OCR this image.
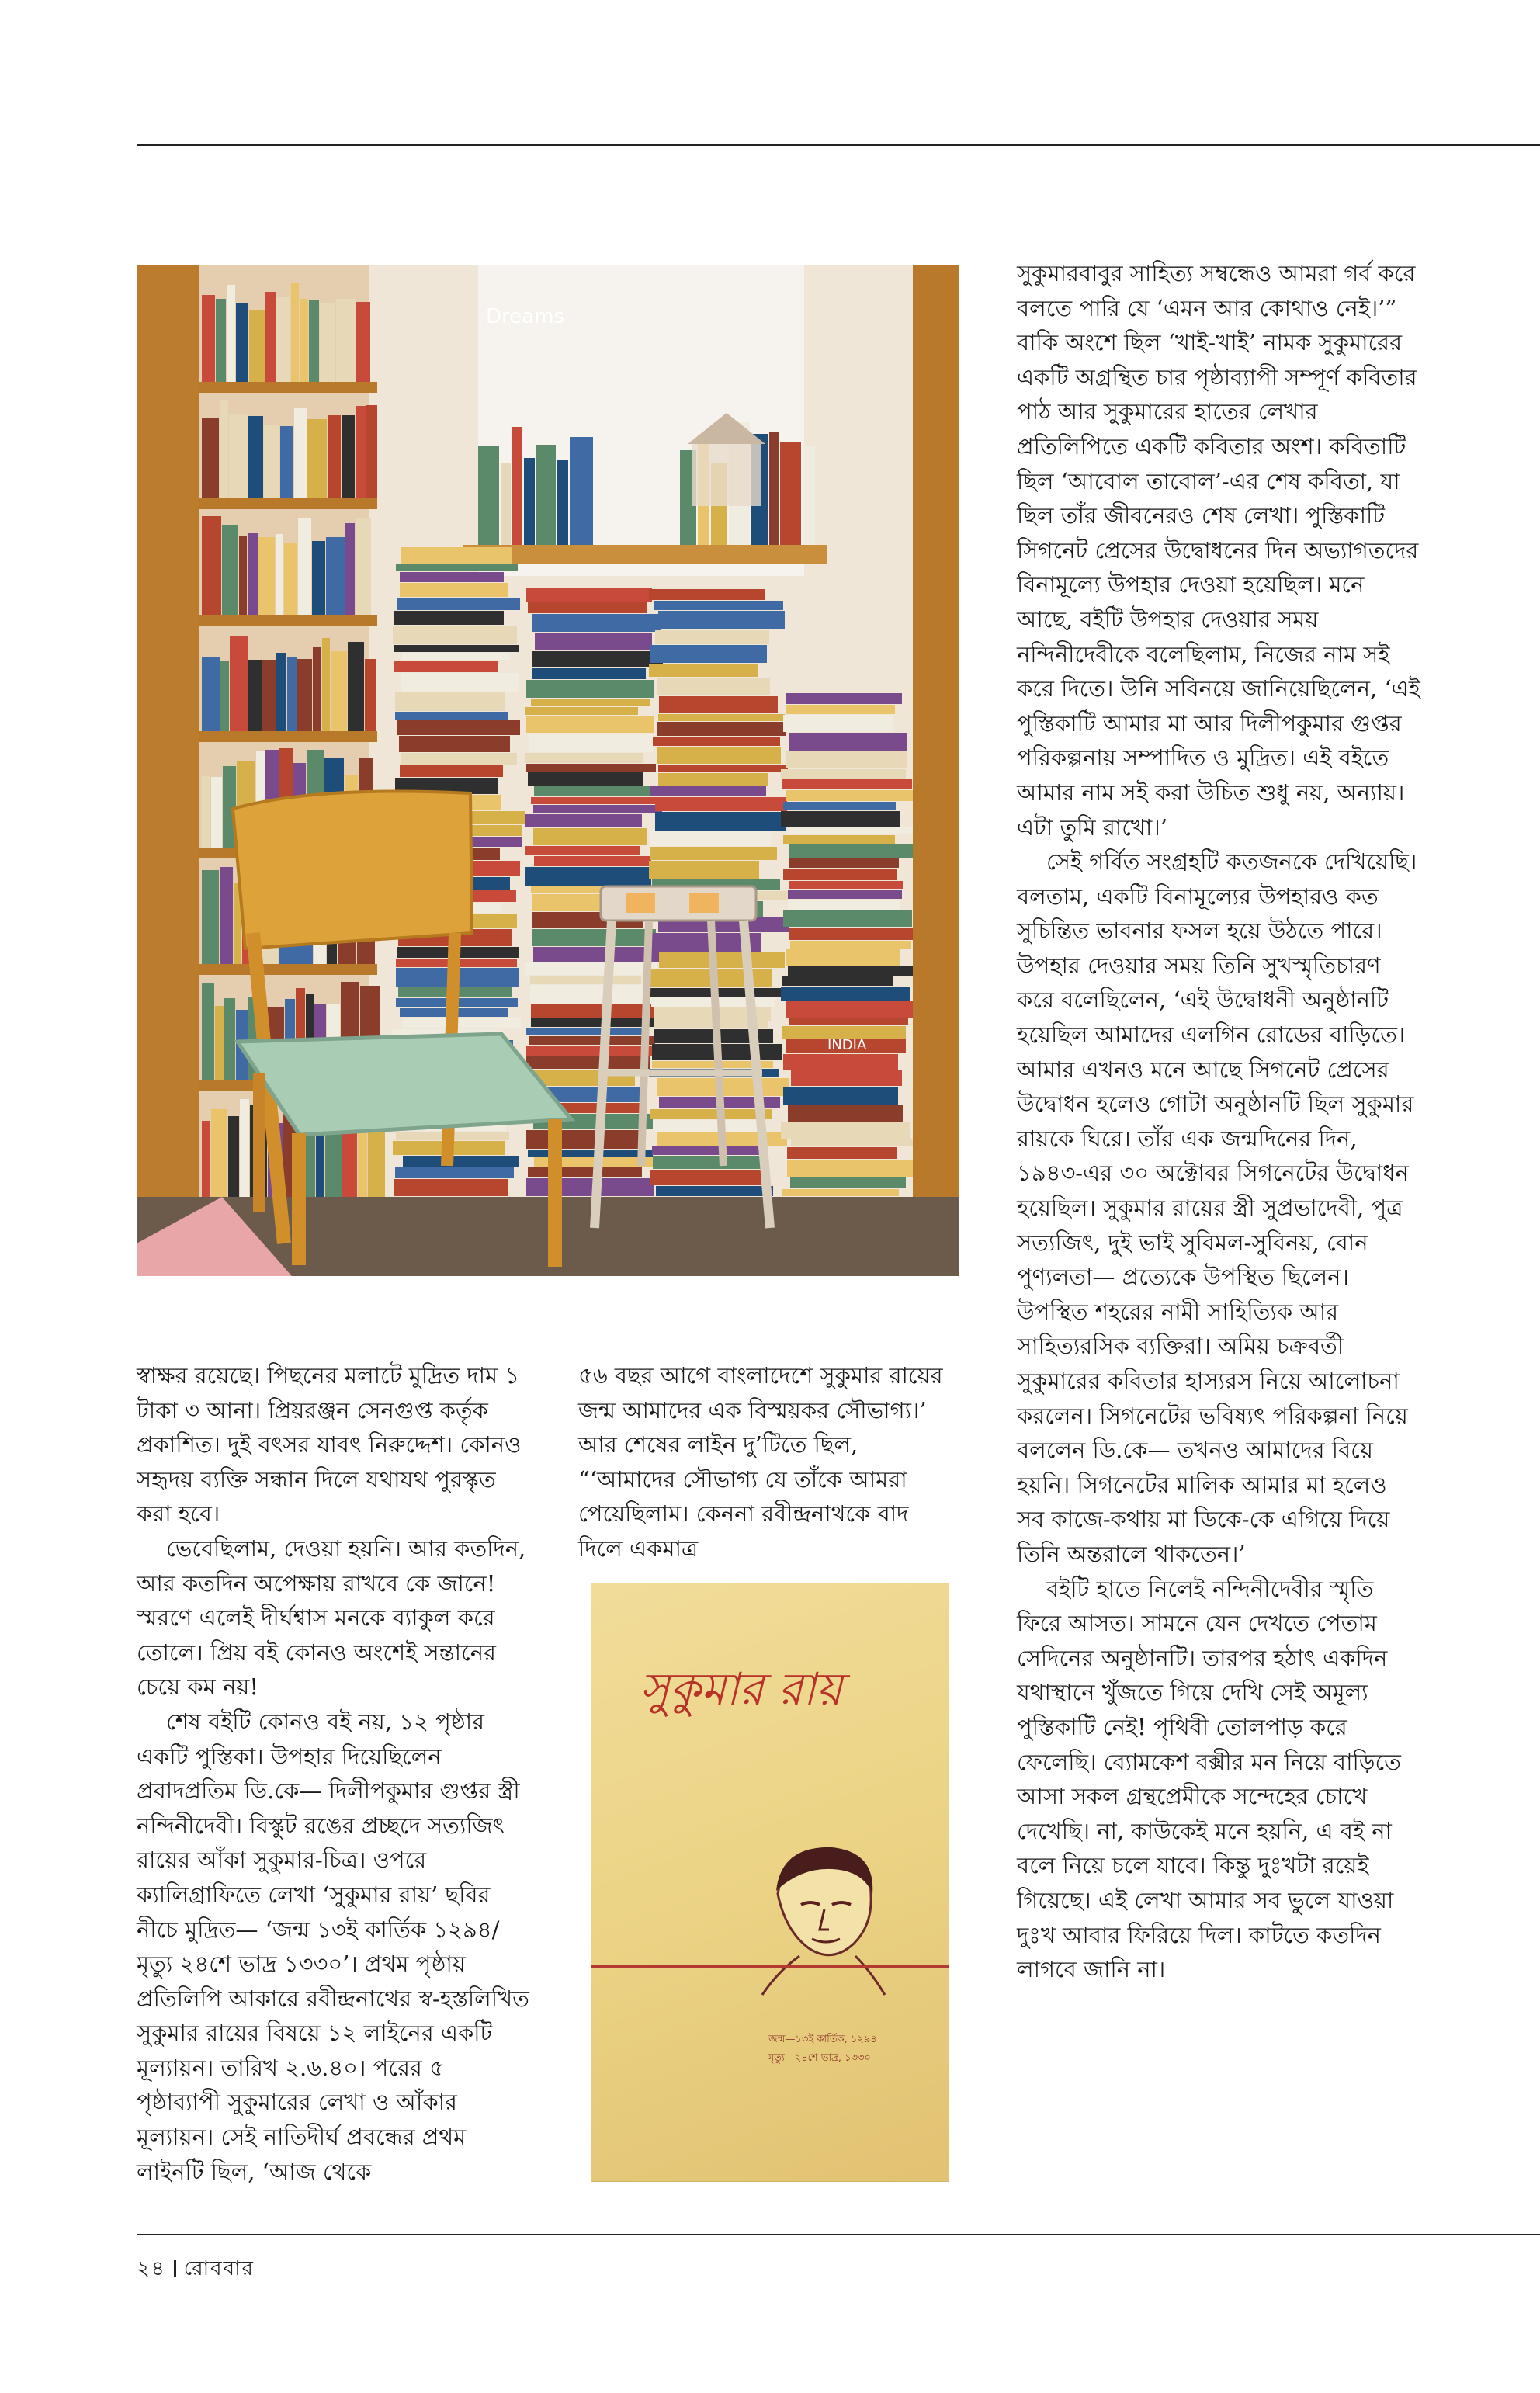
Dreams
INDIA
THE SILENT CRY

সুকুমারবাবুর সাহিত্য সম্বন্ধেও আমরা গর্ব করে বলতে পারি যে ‘এমন আর কোথাও নেই।’” বাকি অংশে ছিল ‘খাই-খাই’ নামক সুকুমারের একটি অগ্রন্থিত চার পৃষ্ঠাব্যাপী সম্পূর্ণ কবিতার পাঠ আর সুকুমারের হাতের লেখার প্রতিলিপিতে একটি কবিতার অংশ। কবিতাটি ছিল ‘আবোল তাবোল’-এর শেষ কবিতা, যা ছিল তাঁর জীবনেরও শেষ লেখা। পুস্তিকাটি সিগনেট প্রেসের উদ্বোধনের দিন অভ্যাগতদের বিনামূল্যে উপহার দেওয়া হয়েছিল। মনে আছে, বইটি উপহার দেওয়ার সময় নন্দিনীদেবীকে বলেছিলাম, নিজের নাম সই করে দিতে। উনি সবিনয়ে জানিয়েছিলেন, ‘এই পুস্তিকাটি আমার মা আর দিলীপকুমার গুপ্তর পরিকল্পনায় সম্পাদিত ও মুদ্রিত। এই বইতে আমার নাম সই করা উচিত শুধু নয়, অন্যায়। এটা তুমি রাখো।’

সেই গর্বিত সংগ্রহটি কতজনকে দেখিয়েছি। বলতাম, একটি বিনামূল্যের উপহারও কত সুচিন্তিত ভাবনার ফসল হয়ে উঠতে পারে। উপহার দেওয়ার সময় তিনি সুখস্মৃতিচারণ করে বলেছিলেন, ‘এই উদ্বোধনী অনুষ্ঠানটি হয়েছিল আমাদের এলগিন রোডের বাড়িতে। আমার এখনও মনে আছে সিগনেট প্রেসের উদ্বোধন হলেও গোটা অনুষ্ঠানটি ছিল সুকুমার রায়কে ঘিরে। তাঁর এক জন্মদিনের দিন, ১৯৪৩-এর ৩০ অক্টোবর সিগনেটের উদ্বোধন হয়েছিল। সুকুমার রায়ের স্ত্রী সুপ্রভাদেবী, পুত্র সত্যজিৎ, দুই ভাই সুবিমল-সুবিনয়, বোন পুণ্যলতা— প্রত্যেকে উপস্থিত ছিলেন। উপস্থিত শহরের নামী সাহিত্যিক আর সাহিত্যরসিক ব্যক্তিরা। অমিয় চক্রবর্তী সুকুমারের কবিতার হাস্যরস নিয়ে আলোচনা করলেন। সিগনেটের ভবিষ্যৎ পরিকল্পনা নিয়ে বললেন ডি.কে— তখনও আমাদের বিয়ে হয়নি। সিগনেটের মালিক আমার মা হলেও সব কাজে-কথায় মা ডিকে-কে এগিয়ে দিয়ে তিনি অন্তরালে থাকতেন।’

বইটি হাতে নিলেই নন্দিনীদেবীর স্মৃতি ফিরে আসত। সামনে যেন দেখতে পেতাম সেদিনের অনুষ্ঠানটি। তারপর হঠাৎ একদিন যথাস্থানে খুঁজতে গিয়ে দেখি সেই অমূল্য পুস্তিকাটি নেই! পৃথিবী তোলপাড় করে ফেলেছি। ব্যোমকেশ বক্সীর মন নিয়ে বাড়িতে আসা সকল গ্রন্থপ্রেমীকে সন্দেহের চোখে দেখেছি। না, কাউকেই মনে হয়নি, এ বই না বলে নিয়ে চলে যাবে। কিন্তু দুঃখটা রয়েই গিয়েছে। এই লেখা আমার সব ভুলে যাওয়া দুঃখ আবার ফিরিয়ে দিল। কাটতে কতদিন লাগবে জানি না।

স্বাক্ষর রয়েছে। পিছনের মলাটে মুদ্রিত দাম ১ টাকা ৩ আনা। প্রিয়রঞ্জন সেনগুপ্ত কর্তৃক প্রকাশিত। দুই বৎসর যাবৎ নিরুদ্দেশ। কোনও সহৃদয় ব্যক্তি সন্ধান দিলে যথাযথ পুরস্কৃত করা হবে।

ভেবেছিলাম, দেওয়া হয়নি। আর কতদিন, আর কতদিন অপেক্ষায় রাখবে কে জানে! স্মরণে এলেই দীর্ঘশ্বাস মনকে ব্যাকুল করে তোলে। প্রিয় বই কোনও অংশেই সন্তানের চেয়ে কম নয়!

শেষ বইটি কোনও বই নয়, ১২ পৃষ্ঠার একটি পুস্তিকা। উপহার দিয়েছিলেন প্রবাদপ্রতিম ডি.কে— দিলীপকুমার গুপ্তর স্ত্রী নন্দিনীদেবী। বিস্কুট রঙের প্রচ্ছদে সত্যজিৎ রায়ের আঁকা সুকুমার-চিত্র। ওপরে ক্যালিগ্রাফিতে লেখা ‘সুকুমার রায়’ ছবির নীচে মুদ্রিত— ‘জন্ম ১৩ই কার্তিক ১২৯৪/ মৃত্যু ২৪শে ভাদ্র ১৩৩০’। প্রথম পৃষ্ঠায় প্রতিলিপি আকারে রবীন্দ্রনাথের স্ব-হস্তলিখিত সুকুমার রায়ের বিষয়ে ১২ লাইনের একটি মূল্যায়ন। তারিখ ২.৬.৪০। পরের ৫ পৃষ্ঠাব্যাপী সুকুমারের লেখা ও আঁকার মূল্যায়ন। সেই নাতিদীর্ঘ প্রবন্ধের প্রথম লাইনটি ছিল, ‘আজ থেকে

৫৬ বছর আগে বাংলাদেশে সুকুমার রায়ের জন্ম আমাদের এক বিস্ময়কর সৌভাগ্য।’ আর শেষের লাইন দু’টিতে ছিল, “‘আমাদের সৌভাগ্য যে তাঁকে আমরা পেয়েছিলাম। কেননা রবীন্দ্রনাথকে বাদ দিলে একমাত্র

সুকুমার রায়
জন্ম—১৩ই কার্তিক, ১২৯৪
মৃত্যু—২৪শে ভাদ্র, ১৩৩০
২৪ রোববার
